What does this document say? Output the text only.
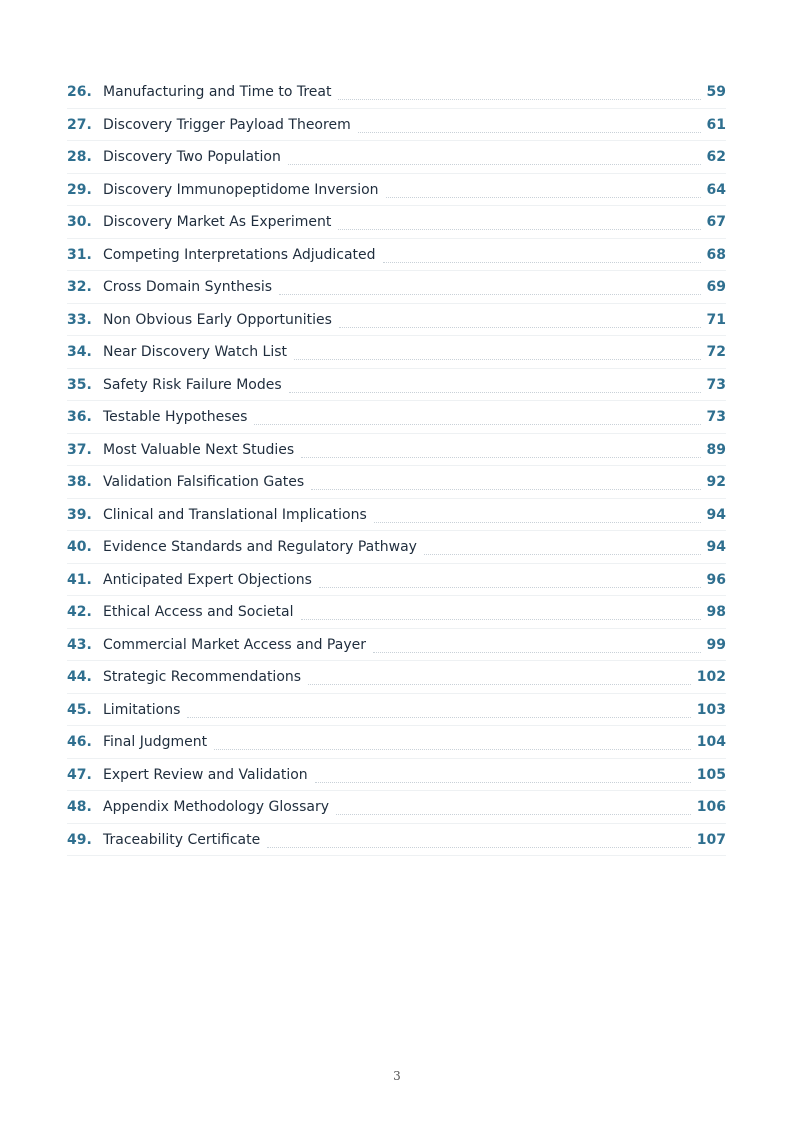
26. Manufacturing and Time to Treat	59
27. Discovery Trigger Payload Theorem	61
28. Discovery Two Population	62
29. Discovery Immunopeptidome Inversion	64
30. Discovery Market As Experiment	67
31. Competing Interpretations Adjudicated	68
32. Cross Domain Synthesis	69
33. Non Obvious Early Opportunities	71
34. Near Discovery Watch List	72
35. Safety Risk Failure Modes	73
36. Testable Hypotheses	73
37. Most Valuable Next Studies	89
38. Validation Falsification Gates	92
39. Clinical and Translational Implications	94
40. Evidence Standards and Regulatory Pathway	94
41. Anticipated Expert Objections	96
42. Ethical Access and Societal	98
43. Commercial Market Access and Payer	99
44. Strategic Recommendations	102
45. Limitations	103
46. Final Judgment	104
47. Expert Review and Validation	105
48. Appendix Methodology Glossary	106
49. Traceability Certificate	107
3
